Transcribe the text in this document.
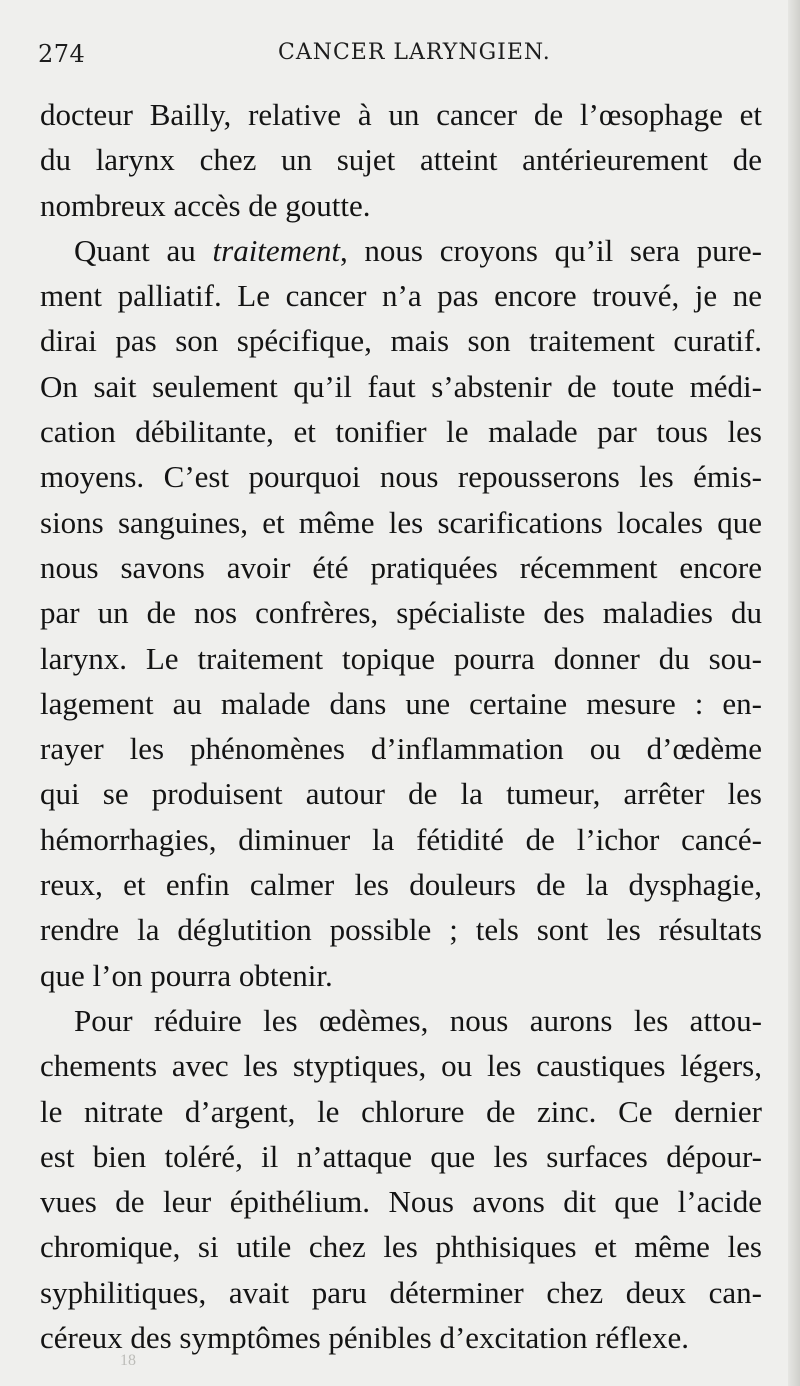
274	CANCER LARYNGIEN.
docteur Bailly, relative à un cancer de l’œsophage et
du larynx chez un sujet atteint antérieurement de
nombreux accès de goutte.
Quant au traitement, nous croyons qu’il sera pure-
ment palliatif. Le cancer n’a pas encore trouvé, je ne
dirai pas son spécifique, mais son traitement curatif.
On sait seulement qu’il faut s’abstenir de toute médi-
cation débilitante, et tonifier le malade par tous les
moyens. C’est pourquoi nous repousserons les émis-
sions sanguines, et même les scarifications locales que
nous savons avoir été pratiquées récemment encore
par un de nos confrères, spécialiste des maladies du
larynx. Le traitement topique pourra donner du sou-
lagement au malade dans une certaine mesure : en-
rayer les phénomènes d’inflammation ou d’œdème
qui se produisent autour de la tumeur, arrêter les
hémorrhagies, diminuer la fétidité de l’ichor cancé-
reux, et enfin calmer les douleurs de la dysphagie,
rendre la déglutition possible ; tels sont les résultats
que l’on pourra obtenir.
Pour réduire les œdèmes, nous aurons les attou-
chements avec les styptiques, ou les caustiques légers,
le nitrate d’argent, le chlorure de zinc. Ce dernier
est bien toléré, il n’attaque que les surfaces dépour-
vues de leur épithélium. Nous avons dit que l’acide
chromique, si utile chez les phthisiques et même les
syphilitiques, avait paru déterminer chez deux can-
céreux des symptômes pénibles d’excitation réflexe.
18
